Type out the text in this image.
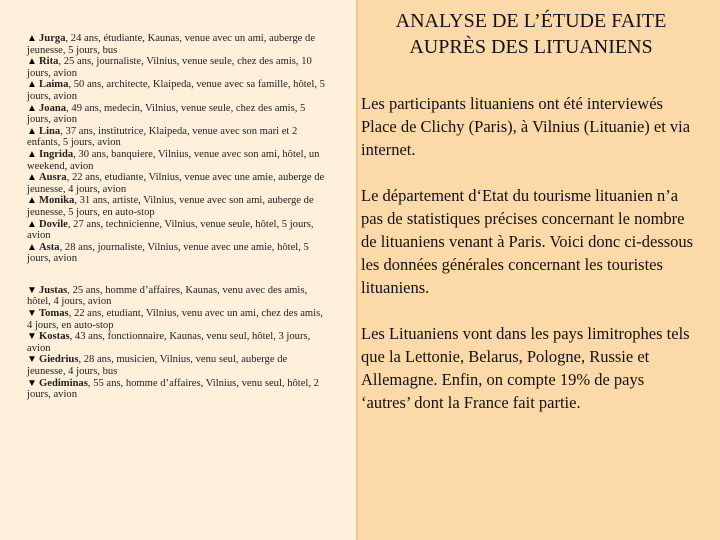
▲ Jurga, 24 ans, étudiante, Kaunas, venue avec un ami, auberge de jeunesse, 5 jours, bus

▲ Rita, 25 ans, journaliste, Vilnius, venue seule, chez des amis, 10 jours, avion

▲ Laima, 50 ans, architecte, Klaipeda, venue avec sa famille, hôtel, 5 jours, avion

▲ Joana, 49 ans, medecin, Vilnius, venue seule, chez des amis, 5 jours, avion

▲ Lina, 37 ans, institutrice, Klaipeda, venue avec son mari et 2 enfants, 5 jours, avion

▲ Ingrida, 30 ans, banquiere, Vilnius, venue avec son ami, hôtel, un weekend, avion

▲ Ausra, 22 ans, etudiante, Vilnius, venue avec une amie, auberge de jeunesse, 4 jours, avion

▲ Monika, 31 ans, artiste, Vilnius, venue avec son ami, auberge de jeunesse, 5 jours, en auto-stop

▲ Dovile, 27 ans, technicienne, Vilnius, venue seule, hôtel, 5 jours, avion

▲ Asta, 28 ans, journaliste, Vilnius, venue avec une amie, hôtel, 5 jours, avion

▼ Justas, 25 ans, homme d’affaires, Kaunas, venu avec des amis, hôtel, 4 jours, avion

▼ Tomas, 22 ans, etudiant, Vilnius, venu avec un ami, chez des amis, 4 jours, en auto-stop

▼ Kostas, 43 ans, fonctionnaire, Kaunas, venu seul, hôtel, 3 jours, avion

▼ Giedrius, 28 ans, musicien, Vilnius, venu seul, auberge de jeunesse, 4 jours, bus

▼ Gediminas, 55 ans, homme d’affaires, Vilnius, venu seul, hôtel, 2 jours, avion

ANALYSE DE L’ÉTUDE FAITE AUPRÈS DES LITUANIENS

Les participants lituaniens ont été interviewés Place de Clichy (Paris), à Vilnius (Lituanie) et via internet.

Le département d‘Etat du tourisme lituanien n’a pas de statistiques précises concernant le nombre de lituaniens venant à Paris. Voici donc ci-dessous les données générales concernant les touristes lituaniens.

Les Lituaniens vont dans les pays limitrophes tels que la Lettonie, Belarus, Pologne, Russie et Allemagne. Enfin, on compte 19% de pays ‘autres’ dont la France fait partie.
